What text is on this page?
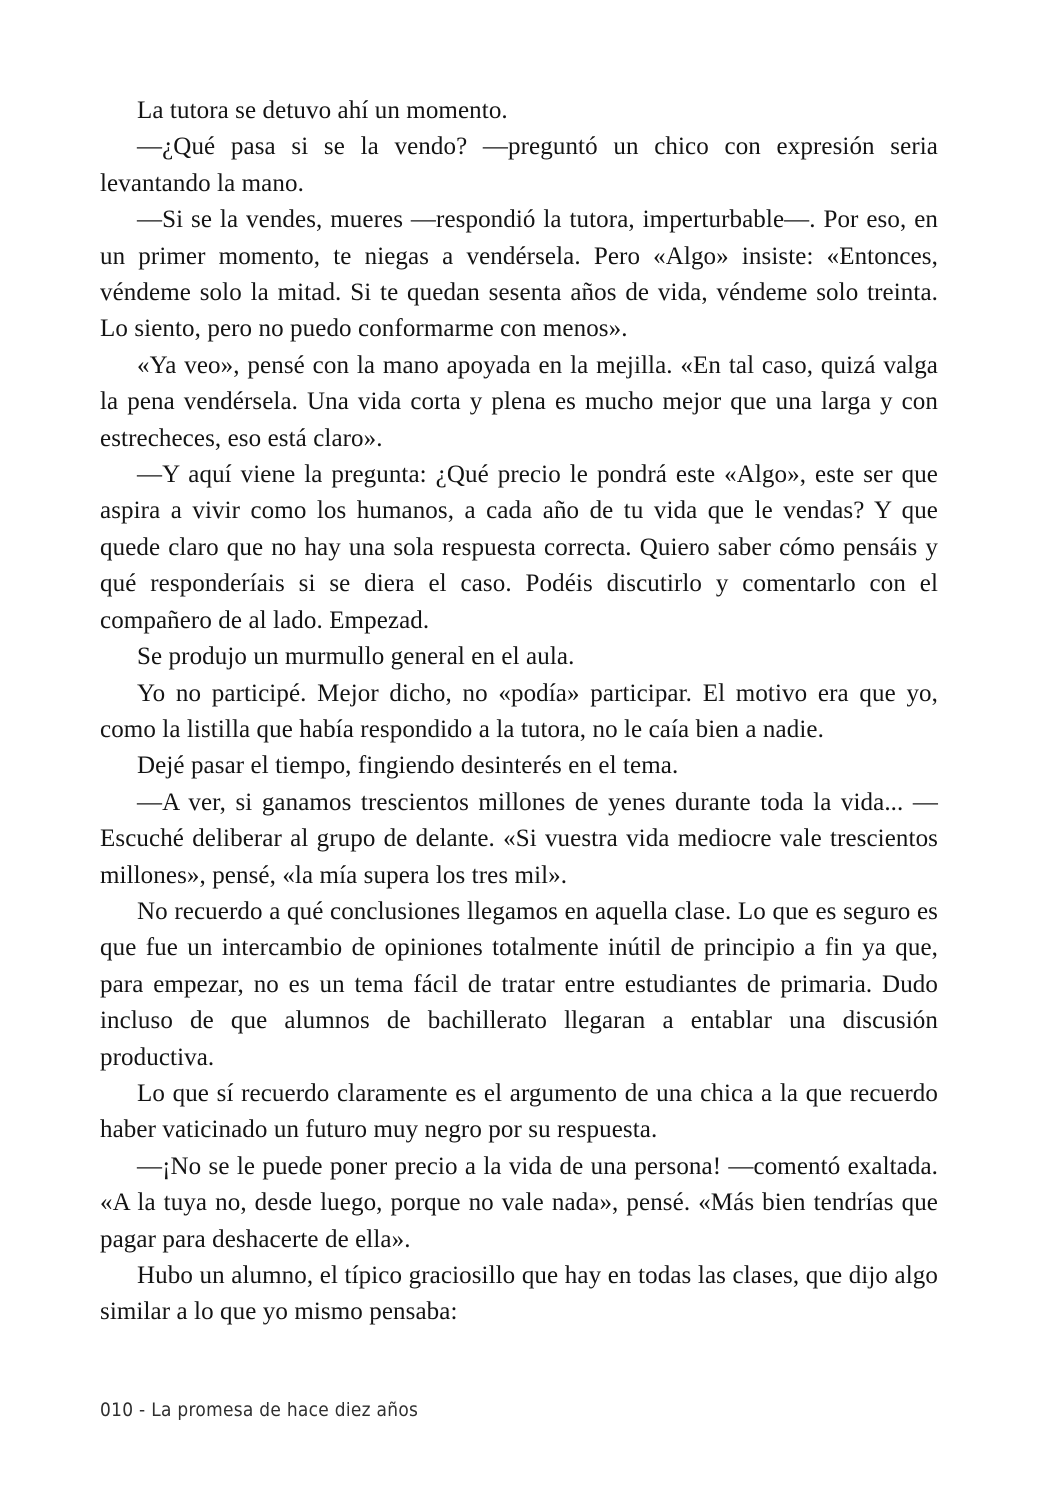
La tutora se detuvo ahí un momento.

—¿Qué pasa si se la vendo? —preguntó un chico con expresión seria levantando la mano.

—Si se la vendes, mueres —respondió la tutora, imperturbable—. Por eso, en un primer momento, te niegas a vendérsela. Pero «Algo» insiste: «Entonces, véndeme solo la mitad. Si te quedan sesenta años de vida, véndeme solo treinta. Lo siento, pero no puedo conformarme con menos».

«Ya veo», pensé con la mano apoyada en la mejilla. «En tal caso, quizá valga la pena vendérsela. Una vida corta y plena es mucho mejor que una larga y con estrecheces, eso está claro».

—Y aquí viene la pregunta: ¿Qué precio le pondrá este «Algo», este ser que aspira a vivir como los humanos, a cada año de tu vida que le vendas? Y que quede claro que no hay una sola respuesta correcta. Quiero saber cómo pensáis y qué responderíais si se diera el caso. Podéis discutirlo y comentarlo con el compañero de al lado. Empezad.

Se produjo un murmullo general en el aula.

Yo no participé. Mejor dicho, no «podía» participar. El motivo era que yo, como la listilla que había respondido a la tutora, no le caía bien a nadie.

Dejé pasar el tiempo, fingiendo desinterés en el tema.

—A ver, si ganamos trescientos millones de yenes durante toda la vida... —Escuché deliberar al grupo de delante. «Si vuestra vida mediocre vale trescientos millones», pensé, «la mía supera los tres mil».

No recuerdo a qué conclusiones llegamos en aquella clase. Lo que es seguro es que fue un intercambio de opiniones totalmente inútil de principio a fin ya que, para empezar, no es un tema fácil de tratar entre estudiantes de primaria. Dudo incluso de que alumnos de bachillerato llegaran a entablar una discusión productiva.

Lo que sí recuerdo claramente es el argumento de una chica a la que recuerdo haber vaticinado un futuro muy negro por su respuesta.

—¡No se le puede poner precio a la vida de una persona! —comentó exaltada. «A la tuya no, desde luego, porque no vale nada», pensé. «Más bien tendrías que pagar para deshacerte de ella».

Hubo un alumno, el típico graciosillo que hay en todas las clases, que dijo algo similar a lo que yo mismo pensaba:

010 - La promesa de hace diez años
